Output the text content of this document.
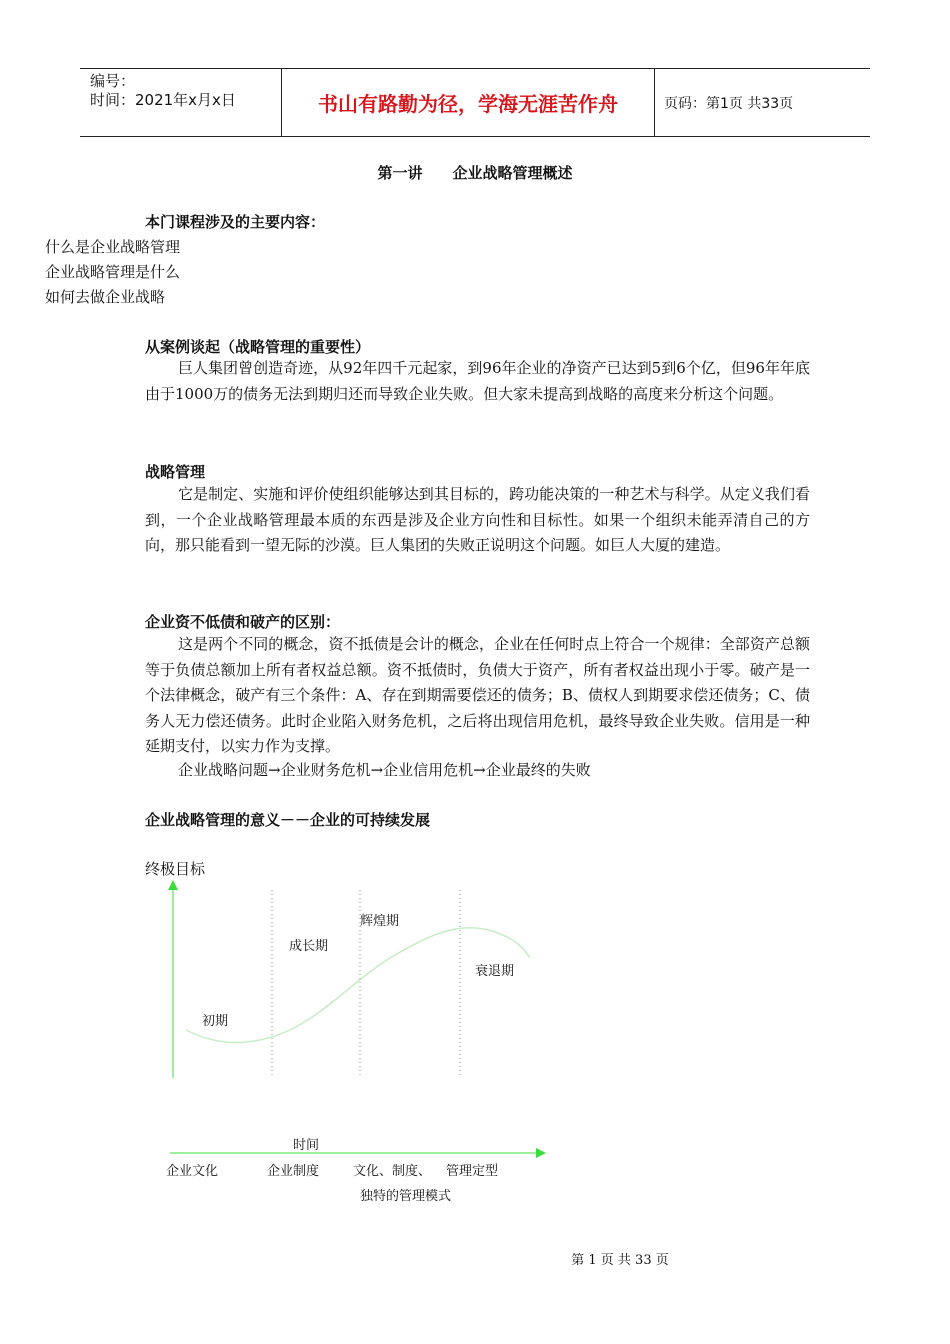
编号：
时间：2021年x月x日	书山有路勤为径，学海无涯苦作舟	页码：第1页 共33页
第一讲　　企业战略管理概述
本门课程涉及的主要内容：
什么是企业战略管理
企业战略管理是什么
如何去做企业战略
从案例谈起（战略管理的重要性）
巨人集团曾创造奇迹，从92年四千元起家，到96年企业的净资产已达到5到6个亿，但96年年底由于1000万的债务无法到期归还而导致企业失败。但大家未提高到战略的高度来分析这个问题。
战略管理
它是制定、实施和评价使组织能够达到其目标的，跨功能决策的一种艺术与科学。从定义我们看到，一个企业战略管理最本质的东西是涉及企业方向性和目标性。如果一个组织未能弄清自己的方向，那只能看到一望无际的沙漠。巨人集团的失败正说明这个问题。如巨人大厦的建造。
企业资不低债和破产的区别：
这是两个不同的概念，资不抵债是会计的概念，企业在任何时点上符合一个规律：全部资产总额等于负债总额加上所有者权益总额。资不抵债时，负债大于资产，所有者权益出现小于零。破产是一个法律概念，破产有三个条件：A、存在到期需要偿还的债务；B、债权人到期要求偿还债务；C、债务人无力偿还债务。此时企业陷入财务危机，之后将出现信用危机，最终导致企业失败。信用是一种延期支付，以实力作为支撑。
企业战略问题→企业财务危机→企业信用危机→企业最终的失败
企业战略管理的意义－－企业的可持续发展
终极目标
初期
成长期
辉煌期
衰退期
时间
企业文化	企业制度	文化、制度、 管理定型
独特的管理模式
第 1 页 共 33 页
